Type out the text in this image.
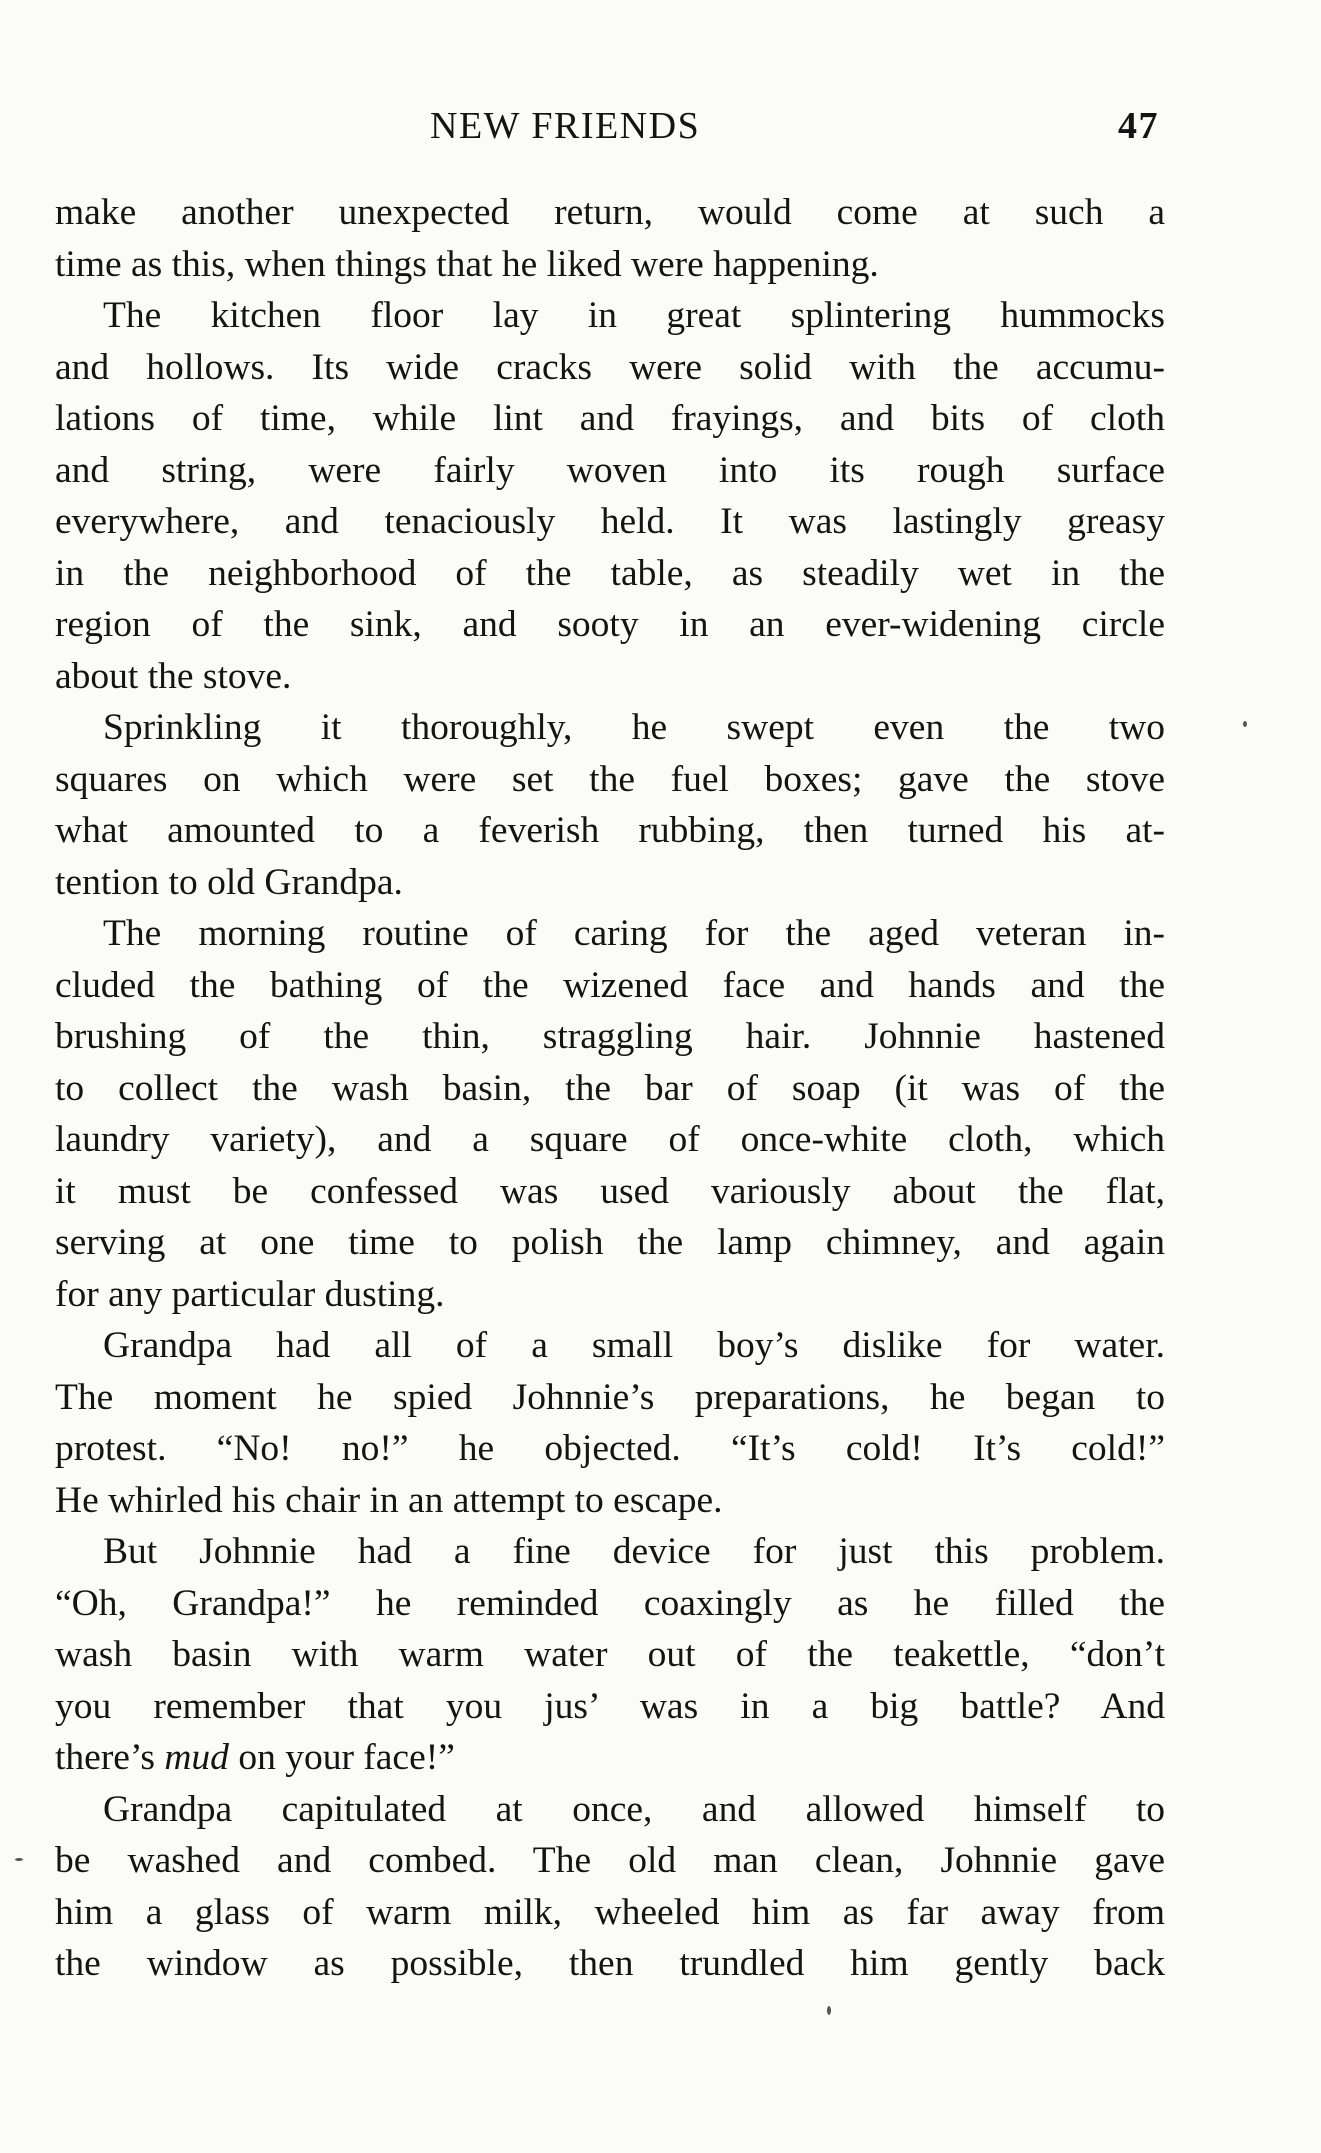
NEW FRIENDS	47
make another unexpected return, would come at such a
time as this, when things that he liked were happening.
The kitchen floor lay in great splintering hummocks
and hollows. Its wide cracks were solid with the accumu-
lations of time, while lint and frayings, and bits of cloth
and string, were fairly woven into its rough surface
everywhere, and tenaciously held. It was lastingly greasy
in the neighborhood of the table, as steadily wet in the
region of the sink, and sooty in an ever-widening circle
about the stove.
Sprinkling it thoroughly, he swept even the two
squares on which were set the fuel boxes; gave the stove
what amounted to a feverish rubbing, then turned his at-
tention to old Grandpa.
The morning routine of caring for the aged veteran in-
cluded the bathing of the wizened face and hands and the
brushing of the thin, straggling hair. Johnnie hastened
to collect the wash basin, the bar of soap (it was of the
laundry variety), and a square of once-white cloth, which
it must be confessed was used variously about the flat,
serving at one time to polish the lamp chimney, and again
for any particular dusting.
Grandpa had all of a small boy’s dislike for water.
The moment he spied Johnnie’s preparations, he began to
protest. “No! no!” he objected. “It’s cold! It’s cold!”
He whirled his chair in an attempt to escape.
But Johnnie had a fine device for just this problem.
“Oh, Grandpa!” he reminded coaxingly as he filled the
wash basin with warm water out of the teakettle, “don’t
you remember that you jus’ was in a big battle? And
there’s mud on your face!”
Grandpa capitulated at once, and allowed himself to
be washed and combed. The old man clean, Johnnie gave
him a glass of warm milk, wheeled him as far away from
the window as possible, then trundled him gently back
